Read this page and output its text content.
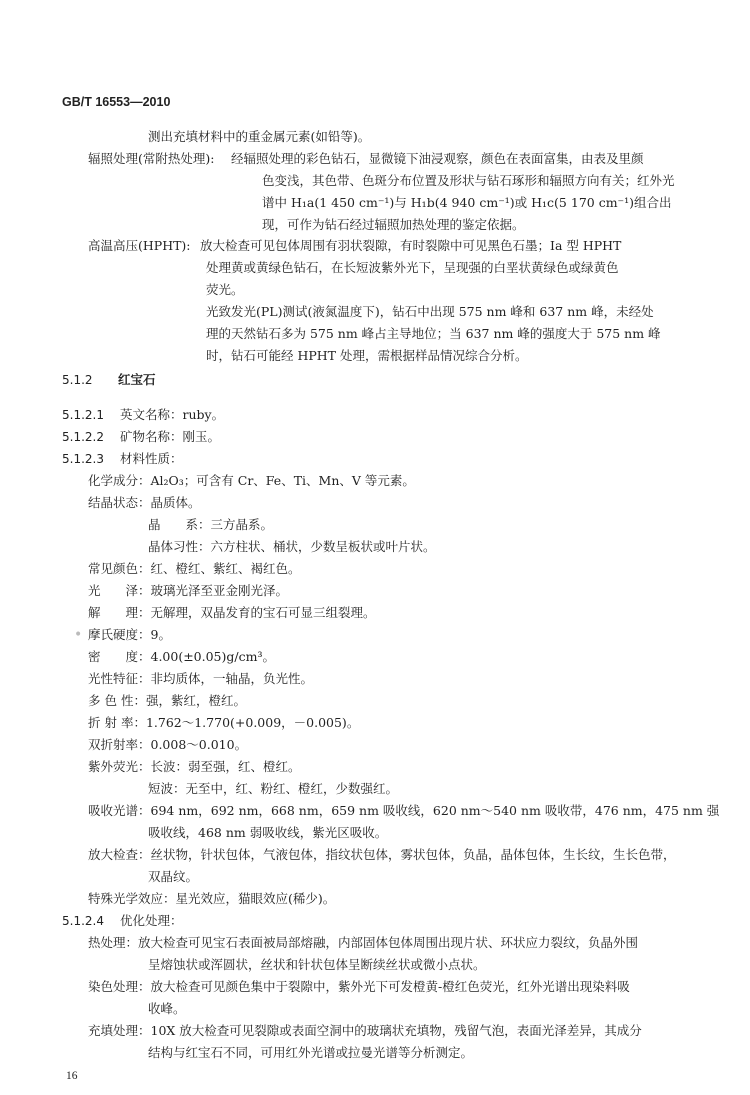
GB/T 16553—2010
测出充填材料中的重金属元素(如铅等)。
辐照处理(常附热处理): 经辐照处理的彩色钻石，显微镜下油浸观察，颜色在表面富集，由表及里颜
色变浅，其色带、色斑分布位置及形状与钻石琢形和辐照方向有关；红外光
谱中 H₁a(1 450 cm⁻¹)与 H₁b(4 940 cm⁻¹)或 H₁c(5 170 cm⁻¹)组合出
现，可作为钻石经过辐照加热处理的鉴定依据。
高温高压(HPHT): 放大检查可见包体周围有羽状裂隙，有时裂隙中可见黑色石墨；Ⅰa 型 HPHT
处理黄或黄绿色钻石，在长短波紫外光下，呈现强的白垩状黄绿色或绿黄色
荧光。
光致发光(PL)测试(液氮温度下)，钻石中出现 575 nm 峰和 637 nm 峰，未经处
理的天然钻石多为 575 nm 峰占主导地位；当 637 nm 峰的强度大于 575 nm 峰
时，钻石可能经 HPHT 处理，需根据样品情况综合分析。
5.1.2 红宝石
5.1.2.1 英文名称：ruby。
5.1.2.2 矿物名称：刚玉。
5.1.2.3 材料性质：
化学成分：Al₂O₃；可含有 Cr、Fe、Ti、Mn、V 等元素。
结晶状态：晶质体。
晶　　系：三方晶系。
晶体习性：六方柱状、桶状，少数呈板状或叶片状。
常见颜色：红、橙红、紫红、褐红色。
光　　泽：玻璃光泽至亚金刚光泽。
解　　理：无解理，双晶发育的宝石可显三组裂理。
摩氏硬度：9。
•
密　　度：4.00(±0.05)g/cm³。
光性特征：非均质体，一轴晶，负光性。
多 色 性：强，紫红，橙红。
折 射 率：1.762～1.770(+0.009，－0.005)。
双折射率：0.008～0.010。
紫外荧光：长波：弱至强，红、橙红。
短波：无至中，红、粉红、橙红，少数强红。
吸收光谱：694 nm，692 nm，668 nm，659 nm 吸收线，620 nm～540 nm 吸收带，476 nm，475 nm 强
吸收线，468 nm 弱吸收线，紫光区吸收。
放大检查：丝状物，针状包体，气液包体，指纹状包体，雾状包体，负晶，晶体包体，生长纹，生长色带，
双晶纹。
特殊光学效应：星光效应，猫眼效应(稀少)。
5.1.2.4 优化处理：
热处理：放大检查可见宝石表面被局部熔融，内部固体包体周围出现片状、环状应力裂纹，负晶外围
呈熔蚀状或浑圆状，丝状和针状包体呈断续丝状或微小点状。
染色处理：放大检查可见颜色集中于裂隙中，紫外光下可发橙黄-橙红色荧光，红外光谱出现染料吸
收峰。
充填处理：10X 放大检查可见裂隙或表面空洞中的玻璃状充填物，残留气泡，表面光泽差异，其成分
结构与红宝石不同，可用红外光谱或拉曼光谱等分析测定。
16
